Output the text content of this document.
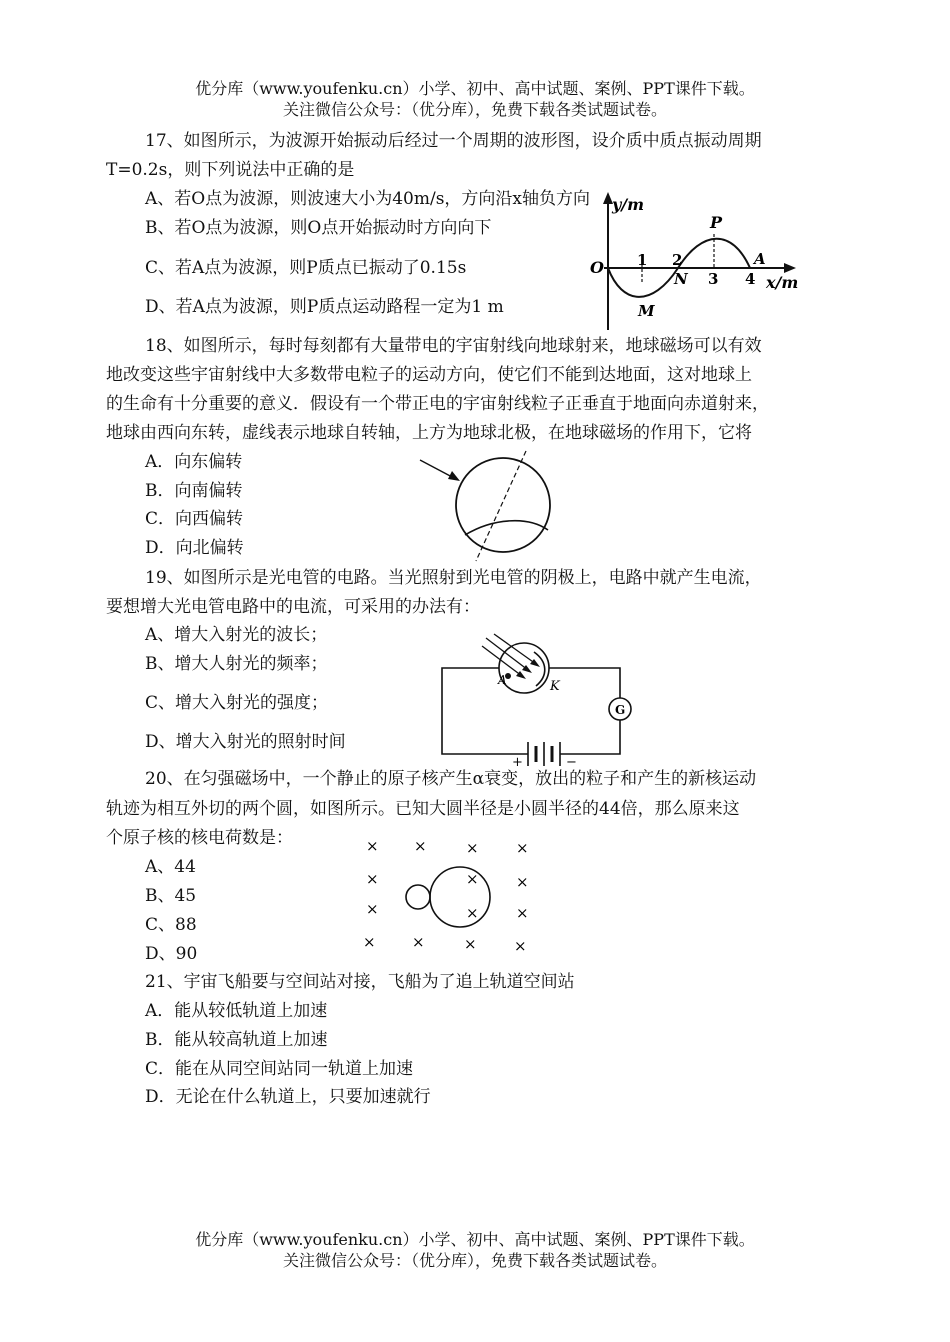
优分库（www.youfenku.cn）小学、初中、高中试题、案例、PPT课件下载。
关注微信公众号：（优分库），免费下载各类试题试卷。
17、如图所示，为波源开始振动后经过一个周期的波形图，设介质中质点振动周期
T=0.2s，则下列说法中正确的是
A、若O点为波源，则波速大小为40m/s，方向沿x轴负方向
B、若O点为波源，则O点开始振动时方向向下
C、若A点为波源，则P质点已振动了0.15s
D、若A点为波源，则P质点运动路程一定为1 m
y/m
x/m
O 1 2
3 4
P
M
N
A
18、如图所示，每时每刻都有大量带电的宇宙射线向地球射来，地球磁场可以有效
地改变这些宇宙射线中大多数带电粒子的运动方向，使它们不能到达地面，这对地球上
的生命有十分重要的意义．假设有一个带正电的宇宙射线粒子正垂直于地面向赤道射来，
地球由西向东转，虚线表示地球自转轴，上方为地球北极，在地球磁场的作用下，它将
A．向东偏转
B．向南偏转
C．向西偏转
D．向北偏转
19、如图所示是光电管的电路。当光照射到光电管的阴极上，电路中就产生电流，
要想增大光电管电路中的电流，可采用的办法有：
A、增大入射光的波长；
B、增大人射光的频率；
C、增大入射光的强度；
D、增大入射光的照射时间
G
A	K
+	−
20、在匀强磁场中，一个静止的原子核产生α衰变，放出的粒子和产生的新核运动
轨迹为相互外切的两个圆，如图所示。已知大圆半径是小圆半径的44倍，那么原来这
个原子核的核电荷数是：
A、44
B、45
C、88
D、90
× ×	× ×
×	× ×
×	× ×
× ×	× ×
21、宇宙飞船要与空间站对接，飞船为了追上轨道空间站
A．能从较低轨道上加速
B．能从较高轨道上加速
C．能在从同空间站同一轨道上加速
D．无论在什么轨道上，只要加速就行
优分库（www.youfenku.cn）小学、初中、高中试题、案例、PPT课件下载。
关注微信公众号：（优分库），免费下载各类试题试卷。
